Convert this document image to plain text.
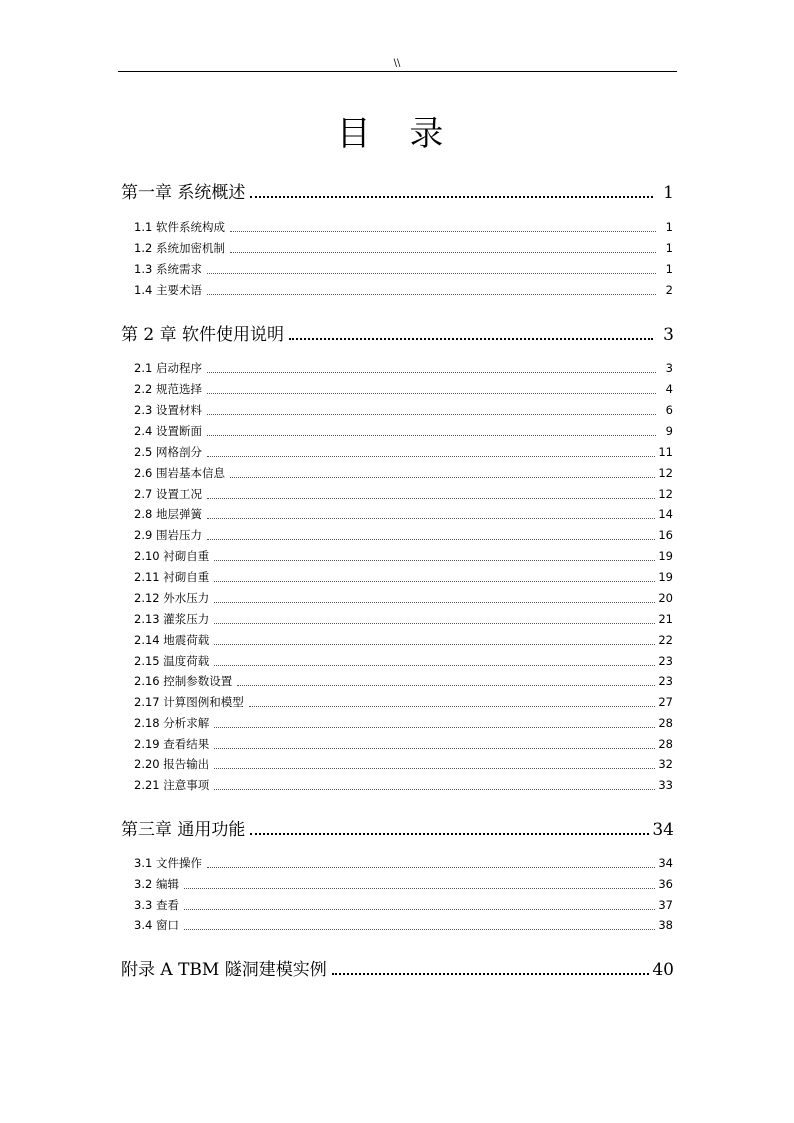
\\
目 录
第一章 系统概述	1
1.1 软件系统构成	1
1.2 系统加密机制	1
1.3 系统需求	1
1.4 主要术语	2
第 2 章 软件使用说明	3
2.1 启动程序	3
2.2 规范选择	4
2.3 设置材料	6
2.4 设置断面	9
2.5 网格剖分	11
2.6 围岩基本信息	12
2.7 设置工况	12
2.8 地层弹簧	14
2.9 围岩压力	16
2.10 衬砌自重	19
2.11 衬砌自重	19
2.12 外水压力	20
2.13 灌浆压力	21
2.14 地震荷载	22
2.15 温度荷载	23
2.16 控制参数设置	23
2.17 计算图例和模型	27
2.18 分析求解	28
2.19 查看结果	28
2.20 报告输出	32
2.21 注意事项	33
第三章 通用功能	34
3.1 文件操作	34
3.2 编辑	36
3.3 查看	37
3.4 窗口	38
附录 A TBM 隧洞建模实例	40
